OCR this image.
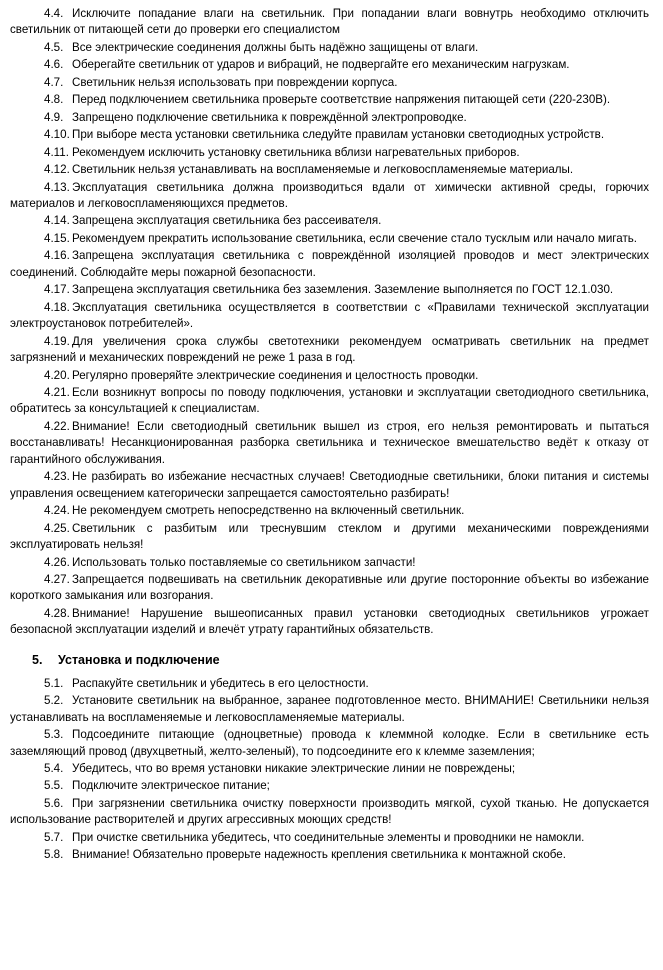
4.4. Исключите попадание влаги на светильник. При попадании влаги вовнутрь необходимо отключить светильник от питающей сети до проверки его специалистом

4.5. Все электрические соединения должны быть надёжно защищены от влаги.

4.6. Оберегайте светильник от ударов и вибраций, не подвергайте его механическим нагрузкам.

4.7. Светильник нельзя использовать при повреждении корпуса.

4.8. Перед подключением светильника проверьте соответствие напряжения питающей сети (220-230В).

4.9. Запрещено подключение светильника к повреждённой электропроводке.

4.10. При выборе места установки светильника следуйте правилам установки светодиодных устройств.

4.11. Рекомендуем исключить установку светильника вблизи нагревательных приборов.

4.12. Светильник нельзя устанавливать на воспламеняемые и легковоспламеняемые материалы.

4.13. Эксплуатация светильника должна производиться вдали от химически активной среды, горючих материалов и легковоспламеняющихся предметов.

4.14. Запрещена эксплуатация светильника без рассеивателя.

4.15. Рекомендуем прекратить использование светильника, если свечение стало тусклым или начало мигать.

4.16. Запрещена эксплуатация светильника с повреждённой изоляцией проводов и мест электрических соединений. Соблюдайте меры пожарной безопасности.

4.17. Запрещена эксплуатация светильника без заземления. Заземление выполняется по ГОСТ 12.1.030.

4.18. Эксплуатация светильника осуществляется в соответствии с «Правилами технической эксплуатации электроустановок потребителей».

4.19. Для увеличения срока службы светотехники рекомендуем осматривать светильник на предмет загрязнений и механических повреждений не реже 1 раза в год.

4.20. Регулярно проверяйте электрические соединения и целостность проводки.

4.21. Если возникнут вопросы по поводу подключения, установки и эксплуатации светодиодного светильника, обратитесь за консультацией к специалистам.

4.22. Внимание! Если светодиодный светильник вышел из строя, его нельзя ремонтировать и пытаться восстанавливать! Несанкционированная разборка светильника и техническое вмешательство ведёт к отказу от гарантийного обслуживания.

4.23. Не разбирать во избежание несчастных случаев! Светодиодные светильники, блоки питания и системы управления освещением категорически запрещается самостоятельно разбирать!

4.24. Не рекомендуем смотреть непосредственно на включенный светильник.

4.25. Светильник с разбитым или треснувшим стеклом и другими механическими повреждениями эксплуатировать нельзя!

4.26. Использовать только поставляемые со светильником запчасти!

4.27. Запрещается подвешивать на светильник декоративные или другие посторонние объекты во избежание короткого замыкания или возгорания.

4.28. Внимание! Нарушение вышеописанных правил установки светодиодных светильников угрожает безопасной эксплуатации изделий и влечёт утрату гарантийных обязательств.

5. Установка и подключение

5.1. Распакуйте светильник и убедитесь в его целостности.

5.2. Установите светильник на выбранное, заранее подготовленное место. ВНИМАНИЕ! Светильники нельзя устанавливать на воспламеняемые и легковоспламеняемые материалы.

5.3. Подсоедините питающие (одноцветные) провода к клеммной колодке. Если в светильнике есть заземляющий провод (двухцветный, желто-зеленый), то подсоедините его к клемме заземления;

5.4. Убедитесь, что во время установки никакие электрические линии не повреждены;

5.5. Подключите электрическое питание;

5.6. При загрязнении светильника очистку поверхности производить мягкой, сухой тканью. Не допускается использование растворителей и других агрессивных моющих средств!

5.7. При очистке светильника убедитесь, что соединительные элементы и проводники не намокли.

5.8. Внимание! Обязательно проверьте надежность крепления светильника к монтажной скобе.
